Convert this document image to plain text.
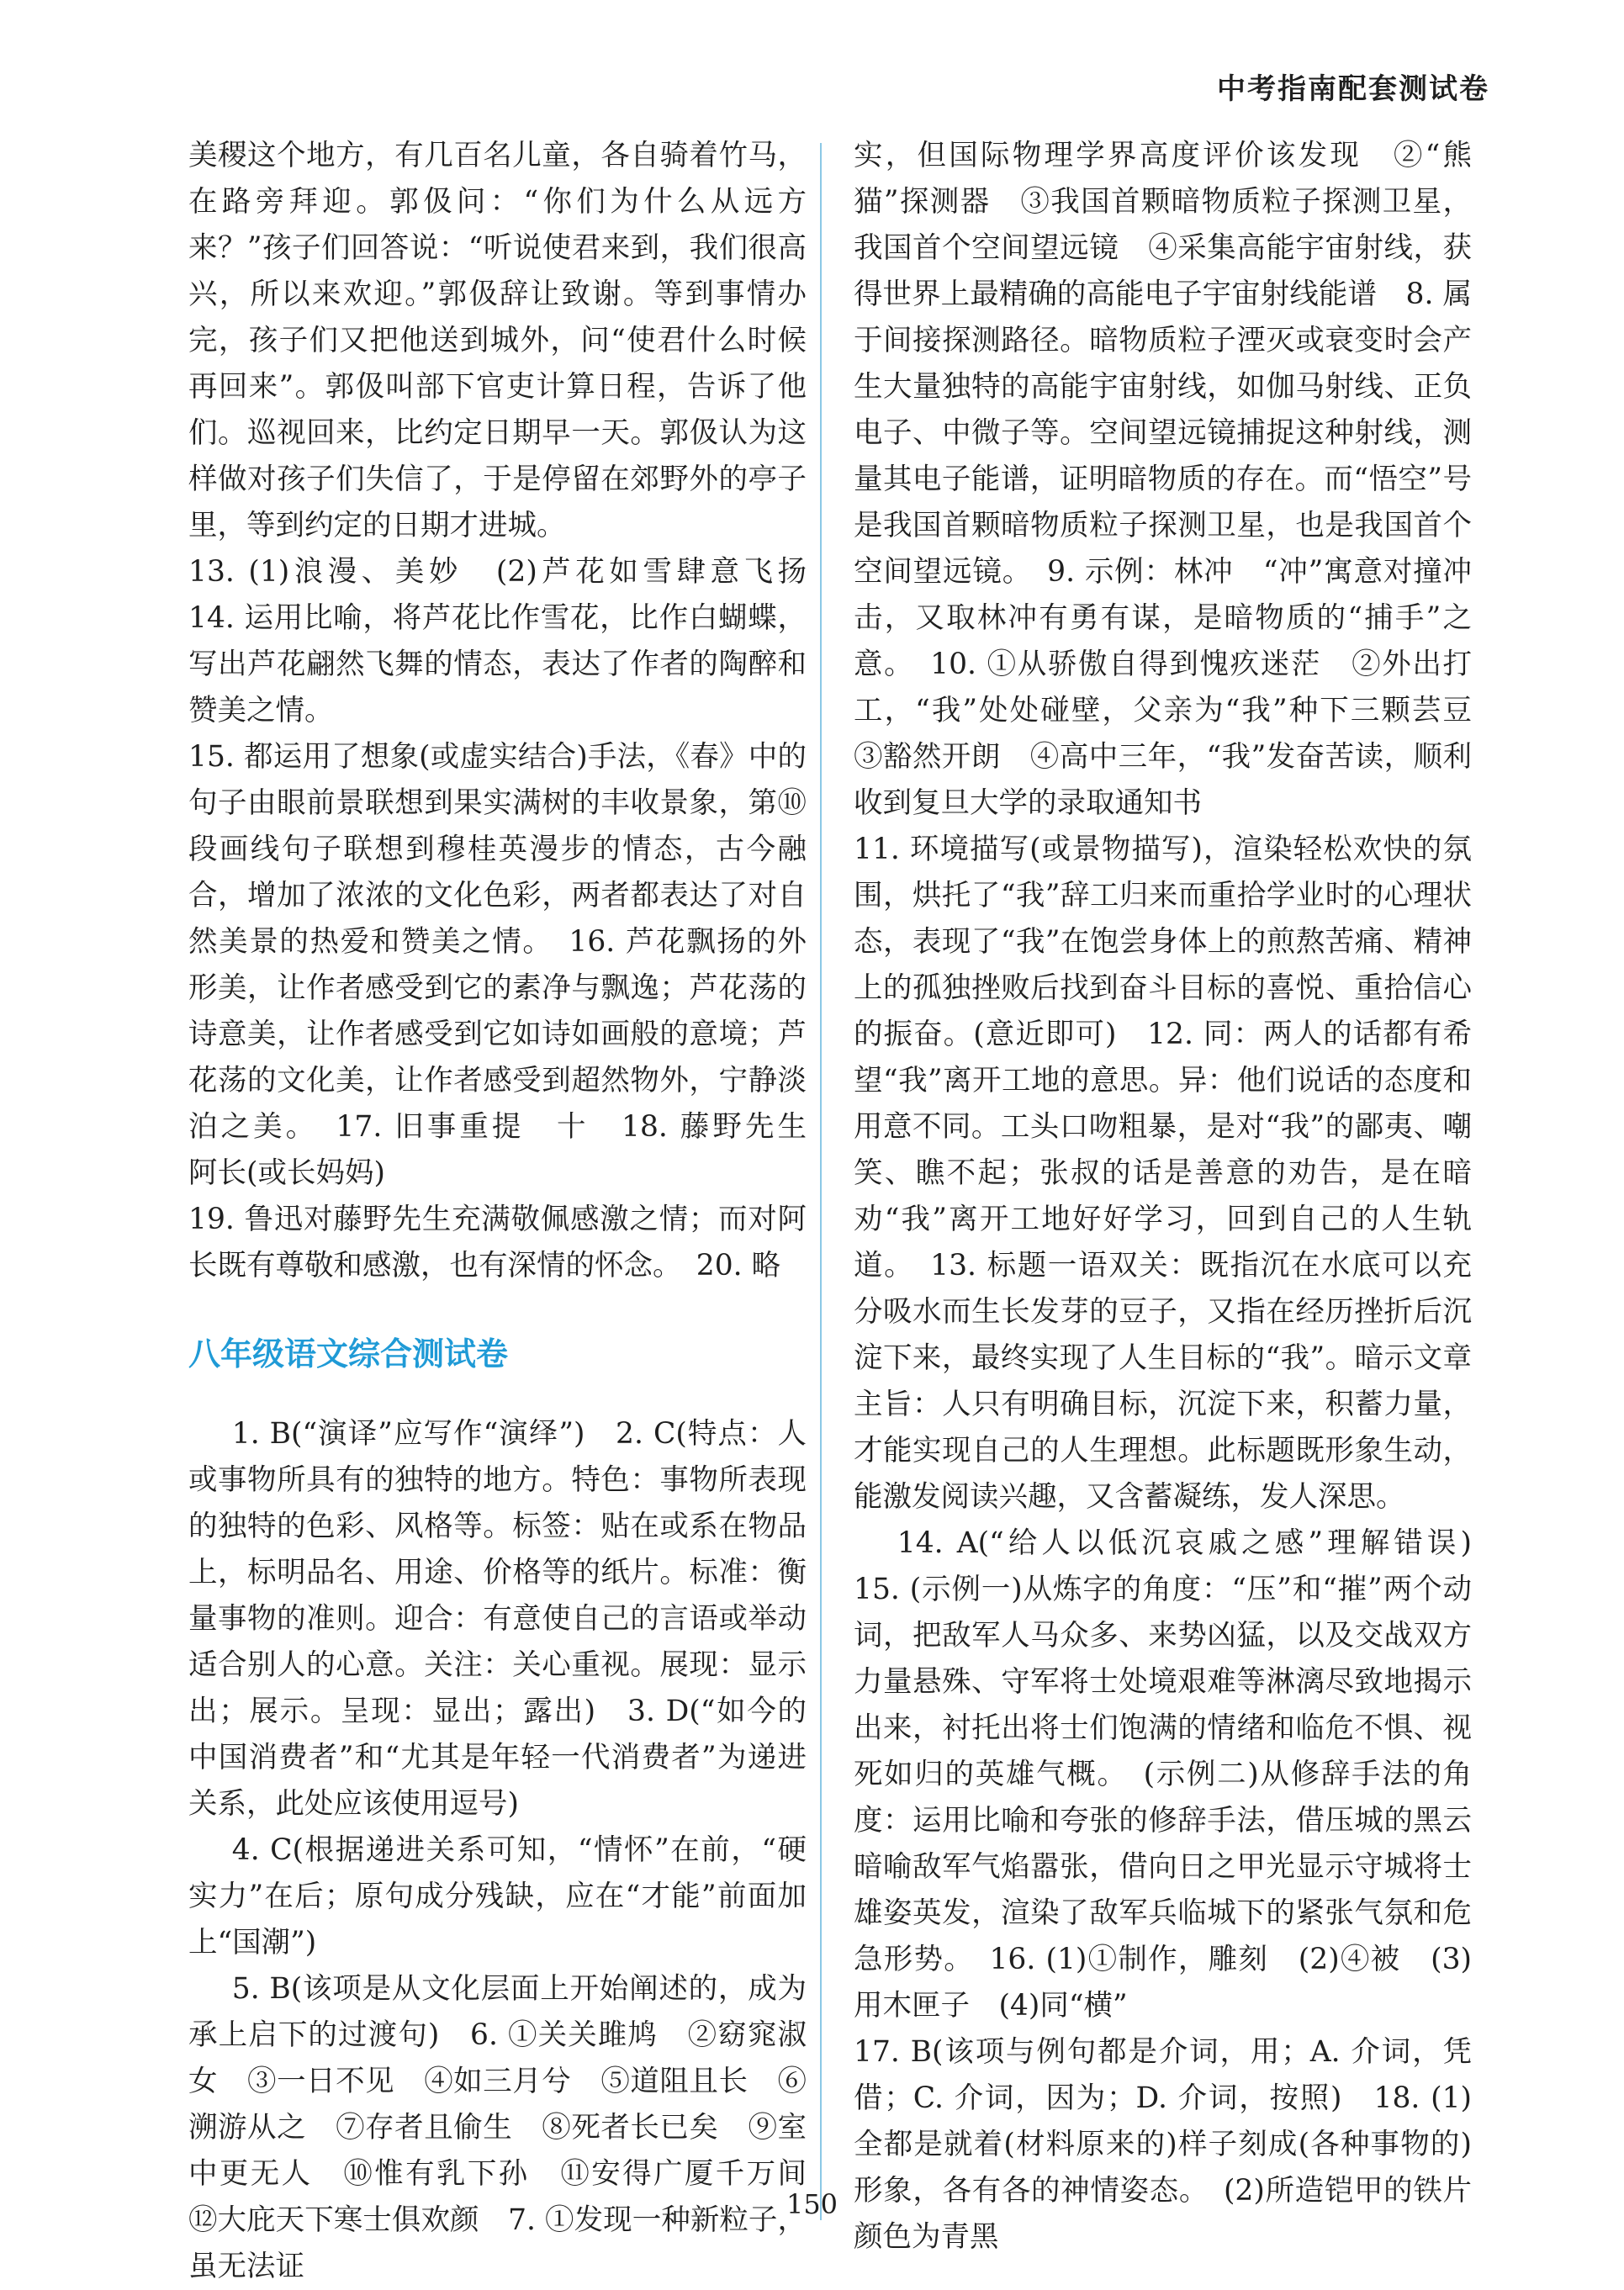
中考指南配套测试卷

美稷这个地方，有几百名儿童，各自骑着竹马，在路旁拜迎。郭伋问：“你们为什么从远方来？”孩子们回答说：“听说使君来到，我们很高兴，所以来欢迎。”郭伋辞让致谢。等到事情办完，孩子们又把他送到城外，问“使君什么时候再回来”。郭伋叫部下官吏计算日程，告诉了他们。巡视回来，比约定日期早一天。郭伋认为这样做对孩子们失信了，于是停留在郊野外的亭子里，等到约定的日期才进城。

13. (1)浪漫、美妙　(2)芦花如雪肆意飞扬　14. 运用比喻，将芦花比作雪花，比作白蝴蝶，写出芦花翩然飞舞的情态，表达了作者的陶醉和赞美之情。

15. 都运用了想象(或虚实结合)手法，《春》中的句子由眼前景联想到果实满树的丰收景象，第⑩段画线句子联想到穆桂英漫步的情态，古今融合，增加了浓浓的文化色彩，两者都表达了对自然美景的热爱和赞美之情。　16. 芦花飘扬的外形美，让作者感受到它的素净与飘逸；芦花荡的诗意美，让作者感受到它如诗如画般的意境；芦花荡的文化美，让作者感受到超然物外，宁静淡泊之美。　17. 旧事重提　十　18. 藤野先生　阿长(或长妈妈)

19. 鲁迅对藤野先生充满敬佩感激之情；而对阿长既有尊敬和感激，也有深情的怀念。　20. 略

八年级语文综合测试卷

1. B(“演译”应写作“演绎”)　2. C(特点：人或事物所具有的独特的地方。特色：事物所表现的独特的色彩、风格等。标签：贴在或系在物品上，标明品名、用途、价格等的纸片。标准：衡量事物的准则。迎合：有意使自己的言语或举动适合别人的心意。关注：关心重视。展现：显示出；展示。呈现：显出；露出)　3. D(“如今的中国消费者”和“尤其是年轻一代消费者”为递进关系，此处应该使用逗号)

4. C(根据递进关系可知，“情怀”在前，“硬实力”在后；原句成分残缺，应在“才能”前面加上“国潮”)

5. B(该项是从文化层面上开始阐述的，成为承上启下的过渡句)　6. ①关关雎鸠　②窈窕淑女　③一日不见　④如三月兮　⑤道阻且长　⑥溯游从之　⑦存者且偷生　⑧死者长已矣　⑨室中更无人　⑩惟有乳下孙　⑪安得广厦千万间　⑫大庇天下寒士俱欢颜　7. ①发现一种新粒子，虽无法证

实，但国际物理学界高度评价该发现　②“熊猫”探测器　③我国首颗暗物质粒子探测卫星，我国首个空间望远镜　④采集高能宇宙射线，获得世界上最精确的高能电子宇宙射线能谱　8. 属于间接探测路径。暗物质粒子湮灭或衰变时会产生大量独特的高能宇宙射线，如伽马射线、正负电子、中微子等。空间望远镜捕捉这种射线，测量其电子能谱，证明暗物质的存在。而“悟空”号是我国首颗暗物质粒子探测卫星，也是我国首个空间望远镜。　9. 示例：林冲　“冲”寓意对撞冲击，又取林冲有勇有谋，是暗物质的“捕手”之意。　10. ①从骄傲自得到愧疚迷茫　②外出打工，“我”处处碰壁，父亲为“我”种下三颗芸豆　③豁然开朗　④高中三年，“我”发奋苦读，顺利收到复旦大学的录取通知书

11. 环境描写(或景物描写)，渲染轻松欢快的氛围，烘托了“我”辞工归来而重拾学业时的心理状态，表现了“我”在饱尝身体上的煎熬苦痛、精神上的孤独挫败后找到奋斗目标的喜悦、重拾信心的振奋。(意近即可)　12. 同：两人的话都有希望“我”离开工地的意思。异：他们说话的态度和用意不同。工头口吻粗暴，是对“我”的鄙夷、嘲笑、瞧不起；张叔的话是善意的劝告，是在暗劝“我”离开工地好好学习，回到自己的人生轨道。　13. 标题一语双关：既指沉在水底可以充分吸水而生长发芽的豆子，又指在经历挫折后沉淀下来，最终实现了人生目标的“我”。暗示文章主旨：人只有明确目标，沉淀下来，积蓄力量，才能实现自己的人生理想。此标题既形象生动，能激发阅读兴趣，又含蓄凝练，发人深思。

14. A(“给人以低沉哀戚之感”理解错误)　15. (示例一)从炼字的角度：“压”和“摧”两个动词，把敌军人马众多、来势凶猛，以及交战双方力量悬殊、守军将士处境艰难等淋漓尽致地揭示出来，衬托出将士们饱满的情绪和临危不惧、视死如归的英雄气概。　(示例二)从修辞手法的角度：运用比喻和夸张的修辞手法，借压城的黑云暗喻敌军气焰嚣张，借向日之甲光显示守城将士雄姿英发，渲染了敌军兵临城下的紧张气氛和危急形势。　16. (1)①制作，雕刻　(2)④被　(3)用木匣子　(4)同“横”

17. B(该项与例句都是介词，用；A. 介词，凭借；C. 介词，因为；D. 介词，按照)　18. (1)全都是就着(材料原来的)样子刻成(各种事物的)形象，各有各的神情姿态。　(2)所造铠甲的铁片颜色为青黑

150
